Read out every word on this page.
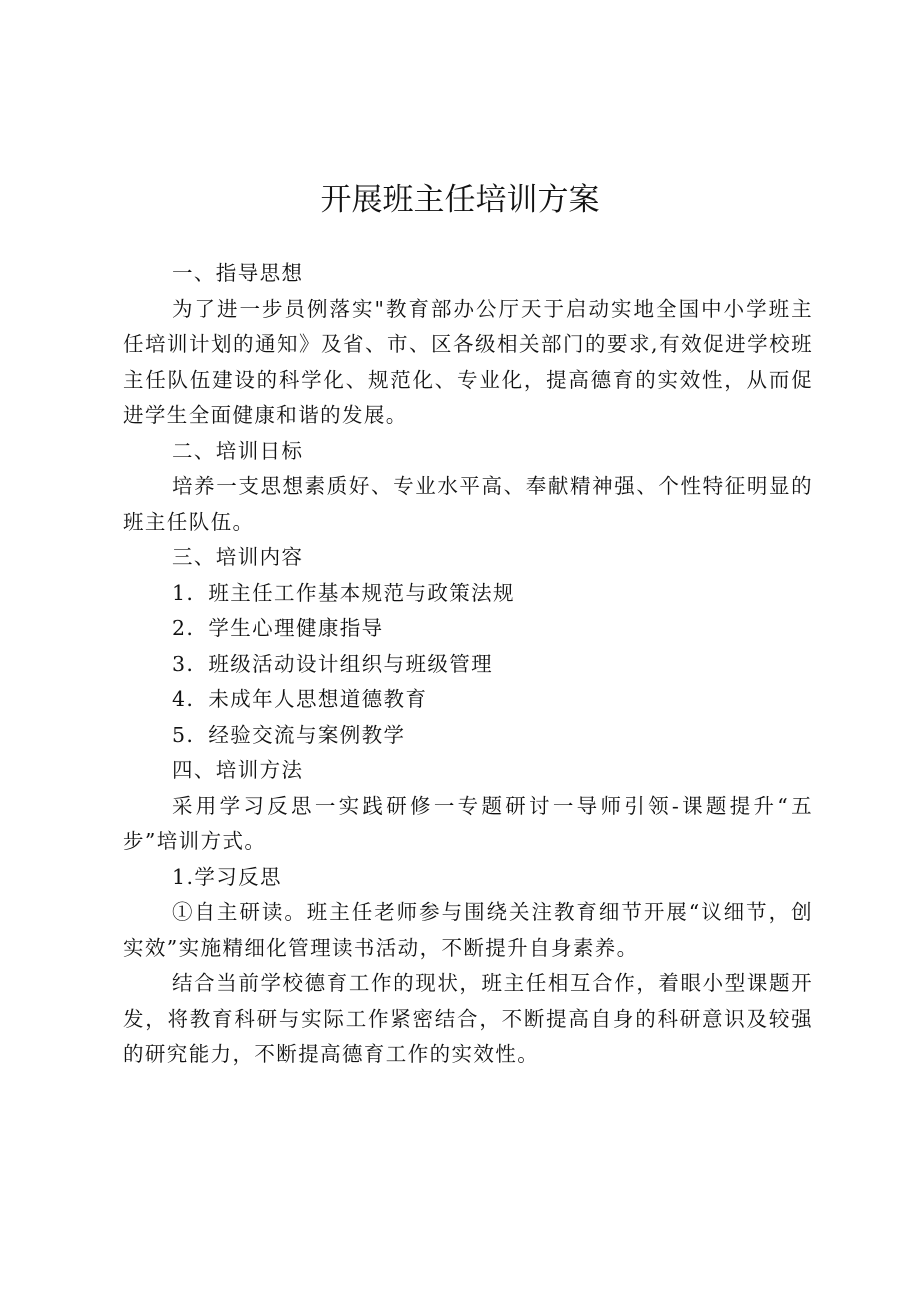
开展班主任培训方案

一、指导思想

为了进一步员例落实"教育部办公厅天于启动实地全国中小学班主任培训计划的通知》及省、市、区各级相关部门的要求,有效促进学校班主任队伍建设的科学化、规范化、专业化，提高德育的实效性，从而促进学生全面健康和谐的发展。

二、培训日标

培养一支思想素质好、专业水平高、奉献精神强、个性特征明显的班主任队伍。

三、培训内容

1．班主任工作基本规范与政策法规

2．学生心理健康指导

3．班级活动设计组织与班级管理

4．未成年人思想道德教育

5．经验交流与案例教学

四、培训方法

采用学习反思一实践研修一专题研讨一导师引领-课题提升“五步”培训方式。

1.学习反思

①自主研读。班主任老师参与围绕关注教育细节开展“议细节，创实效”实施精细化管理读书活动，不断提升自身素养。

结合当前学校德育工作的现状，班主任相互合作，着眼小型课题开发，将教育科研与实际工作紧密结合，不断提高自身的科研意识及较强的研究能力，不断提高德育工作的实效性。
